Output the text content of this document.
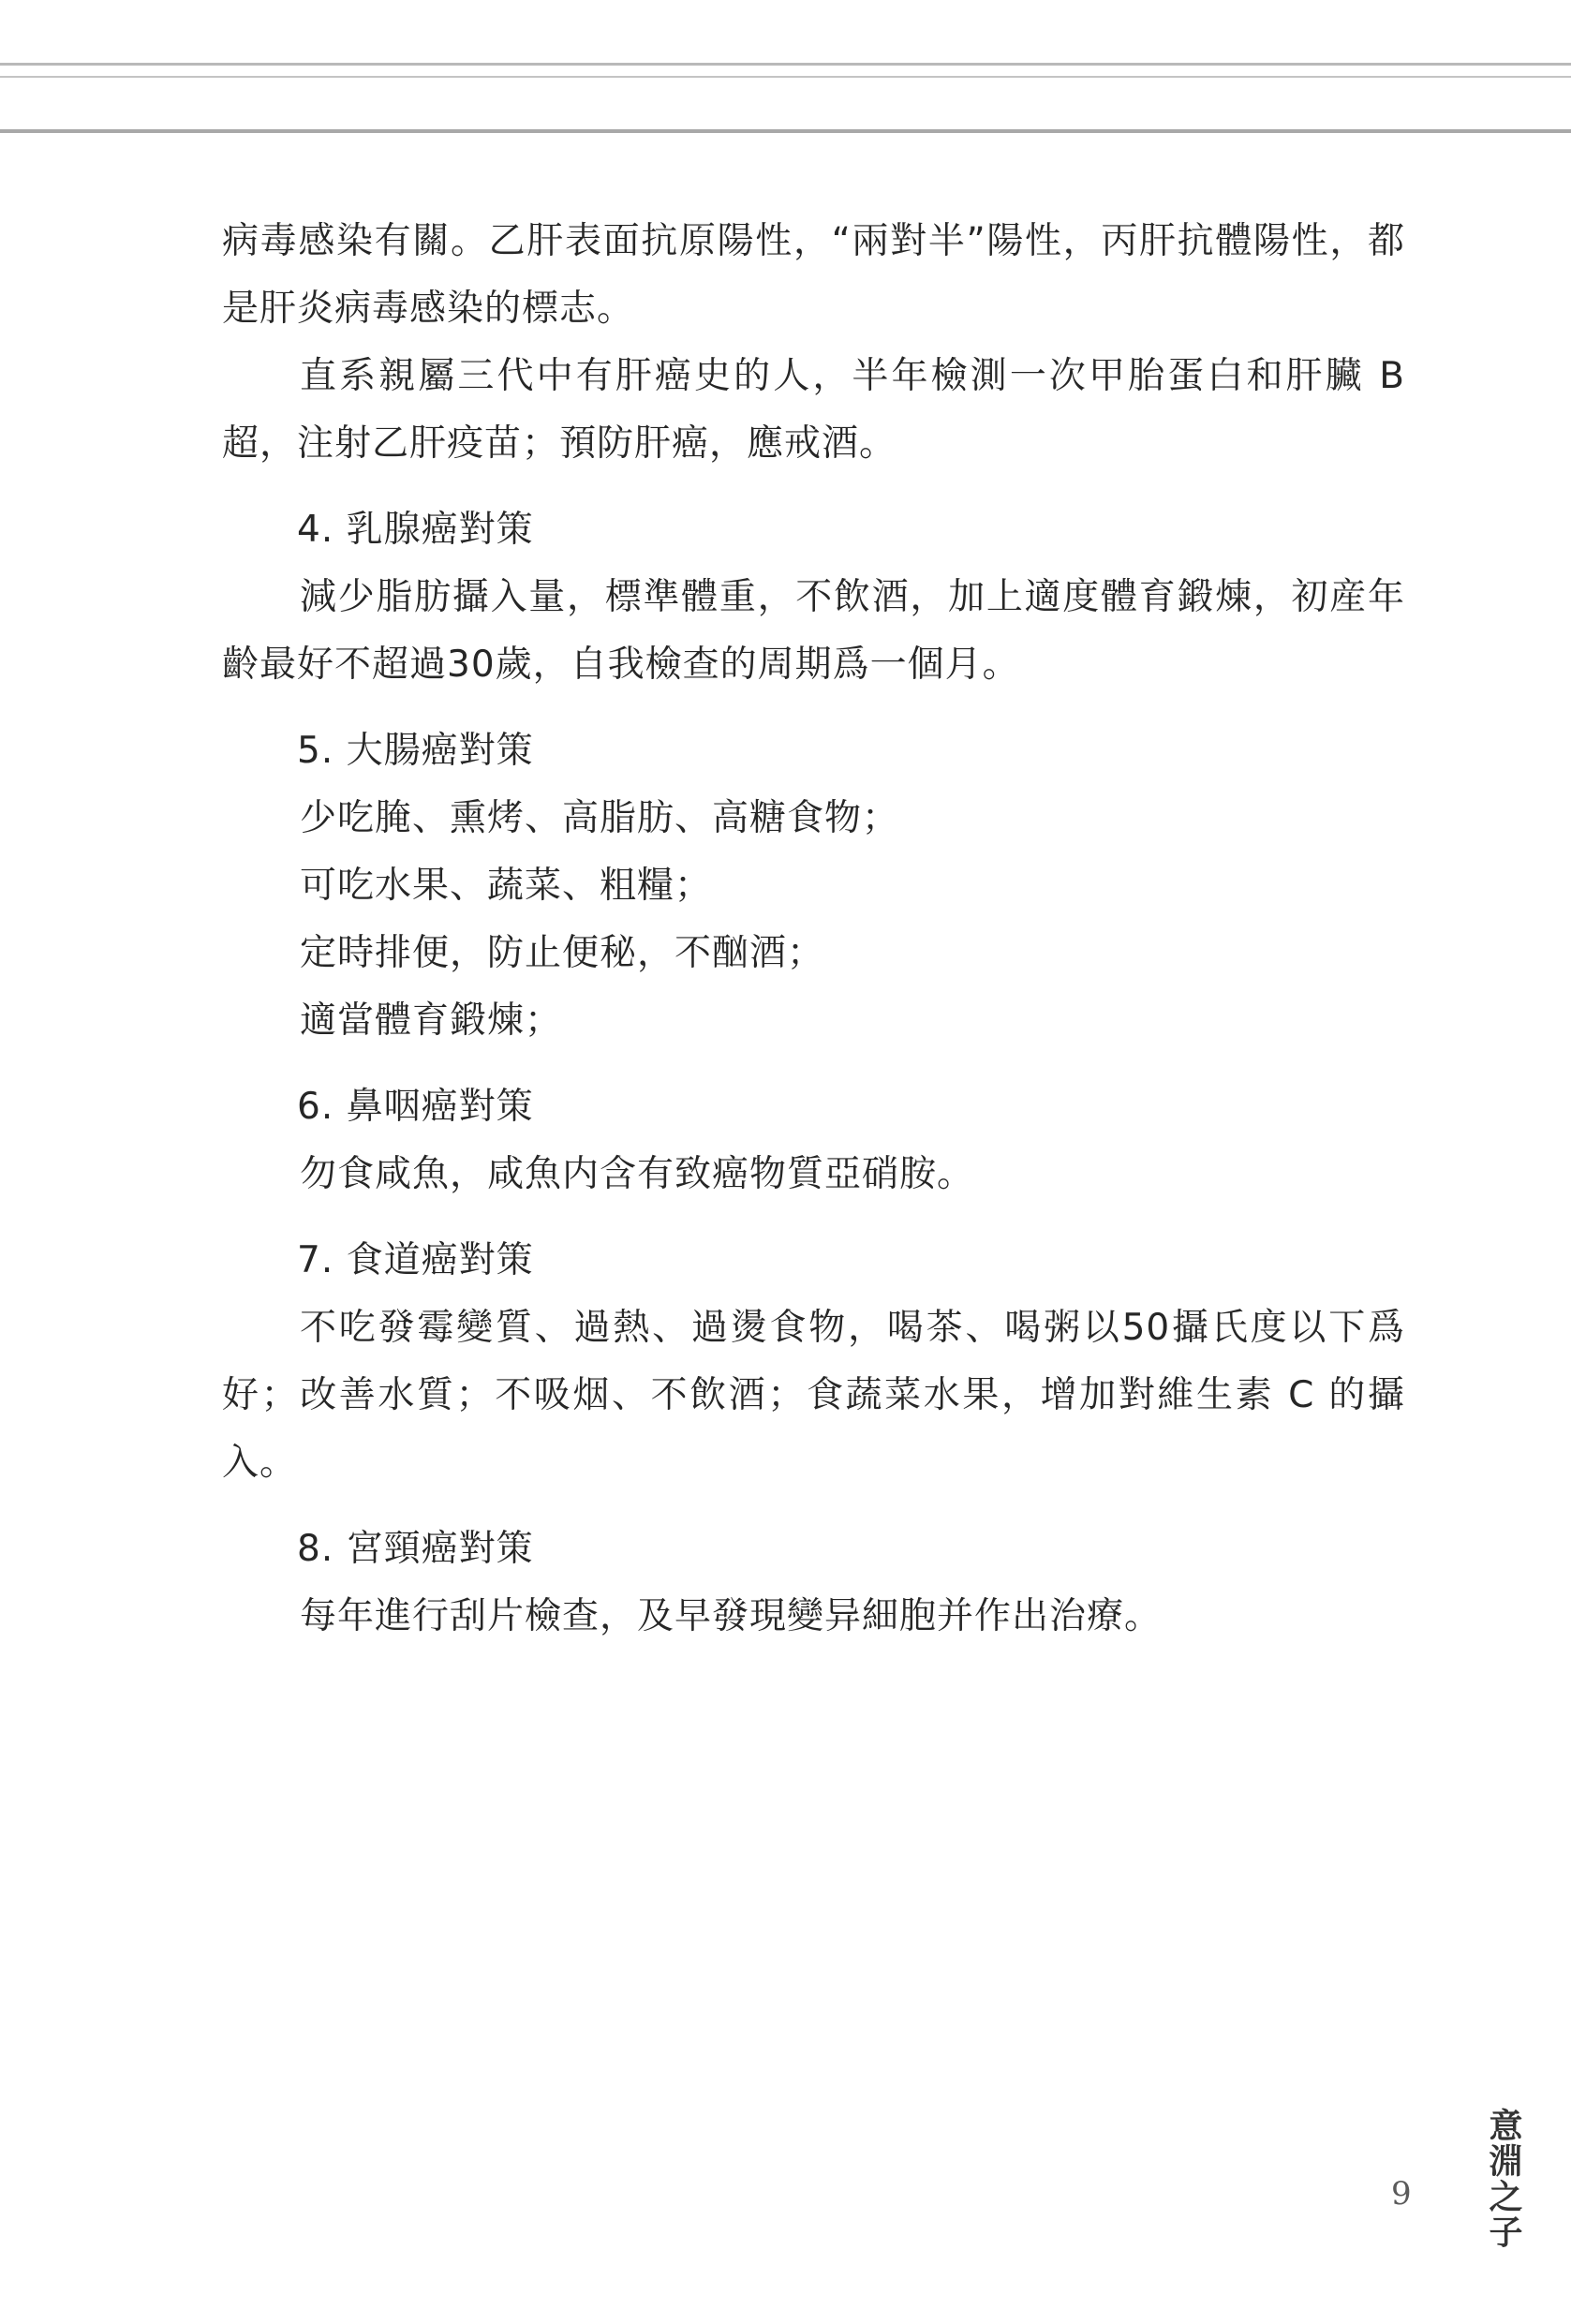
病毒感染有關。乙肝表面抗原陽性，“兩對半”陽性，丙肝抗體陽性，都是肝炎病毒感染的標志。

直系親屬三代中有肝癌史的人，半年檢測一次甲胎蛋白和肝臟 B 超，注射乙肝疫苗；預防肝癌，應戒酒。

4. 乳腺癌對策

減少脂肪攝入量，標準體重，不飲酒，加上適度體育鍛煉，初産年齡最好不超過30歲，自我檢查的周期爲一個月。

5. 大腸癌對策

少吃腌、熏烤、高脂肪、高糖食物；

可吃水果、蔬菜、粗糧；

定時排便，防止便秘，不酗酒；

適當體育鍛煉；

6. 鼻咽癌對策

勿食咸魚，咸魚内含有致癌物質亞硝胺。

7. 食道癌對策

不吃發霉變質、過熱、過燙食物，喝茶、喝粥以50攝氏度以下爲好；改善水質；不吸烟、不飲酒；食蔬菜水果，增加對維生素 C 的攝入。

8. 宮頸癌對策

每年進行刮片檢查，及早發現變异細胞并作出治療。

9 意淵之子
